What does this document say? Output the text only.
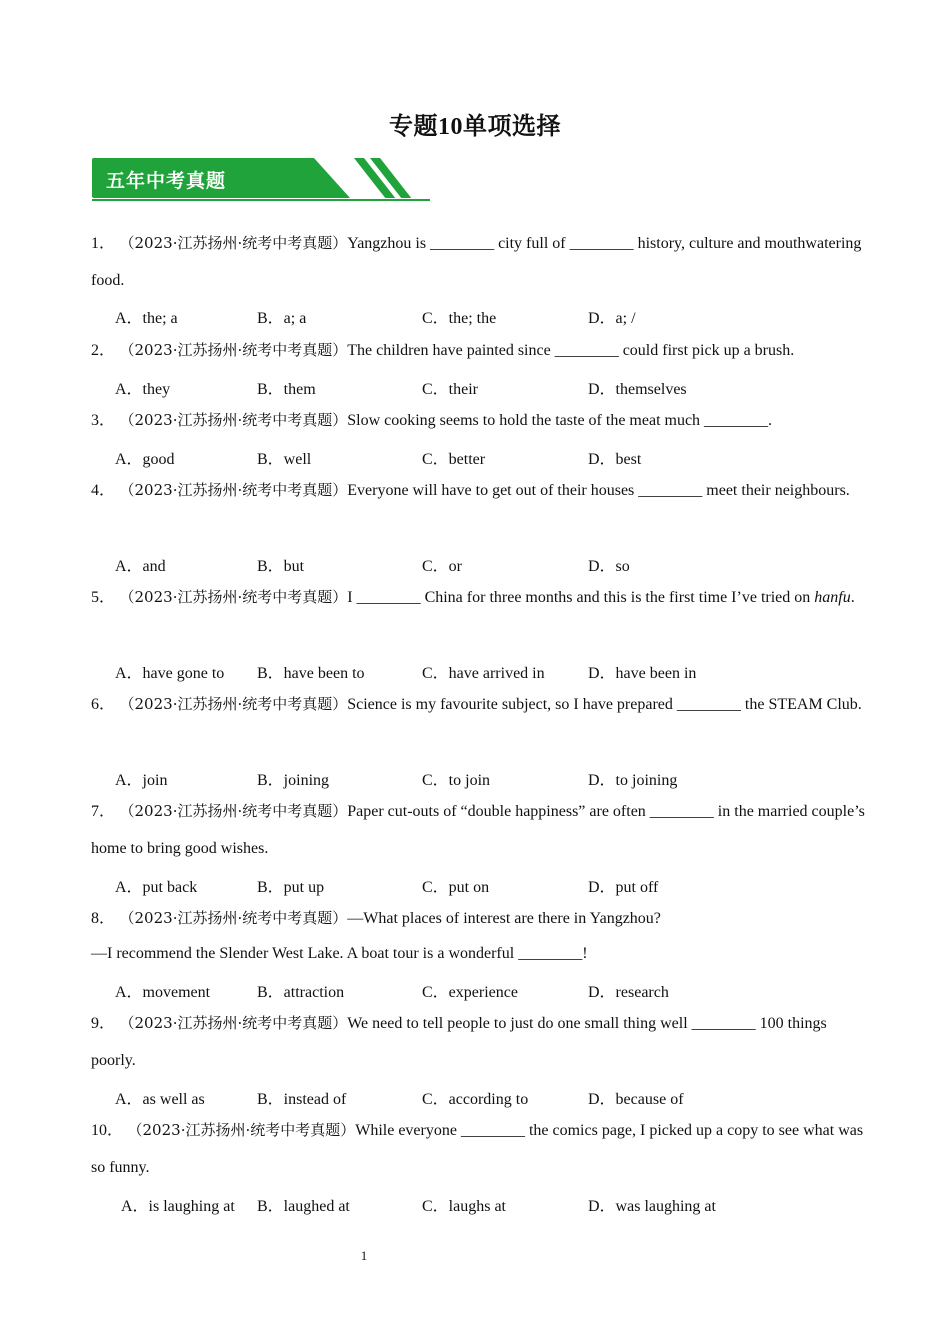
专题10单项选择
五年中考真题
1． （2023·江苏扬州·统考中考真题）Yangzhou is ________ city full of ________ history, culture and mouthwatering food.
A．the; a	B．a; a	C．the; the	D．a; /
2． （2023·江苏扬州·统考中考真题）The children have painted since ________ could first pick up a brush.
A．they	B．them	C．their	D．themselves
3． （2023·江苏扬州·统考中考真题）Slow cooking seems to hold the taste of the meat much ________.
A．good	B．well	C．better	D．best
4． （2023·江苏扬州·统考中考真题）Everyone will have to get out of their houses ________ meet their neighbours.
A．and	B．but	C．or	D．so
5． （2023·江苏扬州·统考中考真题）I ________ China for three months and this is the first time I’ve tried on hanfu.
A．have gone to B．have been to	C．have arrived in	D．have been in
6． （2023·江苏扬州·统考中考真题）Science is my favourite subject, so I have prepared ________ the STEAM Club.
A．join	B．joining	C．to join	D．to joining
7． （2023·江苏扬州·统考中考真题）Paper cut-outs of “double happiness” are often ________ in the married couple’s home to bring good wishes.
A．put back	B．put up	C．put on	D．put off
8． （2023·江苏扬州·统考中考真题）—What places of interest are there in Yangzhou?
—I recommend the Slender West Lake. A boat tour is a wonderful ________!
A．movement	B．attraction	C．experience	D．research
9． （2023·江苏扬州·统考中考真题）We need to tell people to just do one small thing well ________ 100 things poorly.
A．as well as	B．instead of	C．according to	D．because of
10． （2023·江苏扬州·统考中考真题）While everyone ________ the comics page, I picked up a copy to see what was so funny.
A．is laughing at B．laughed at	C．laughs at	D．was laughing at
1
